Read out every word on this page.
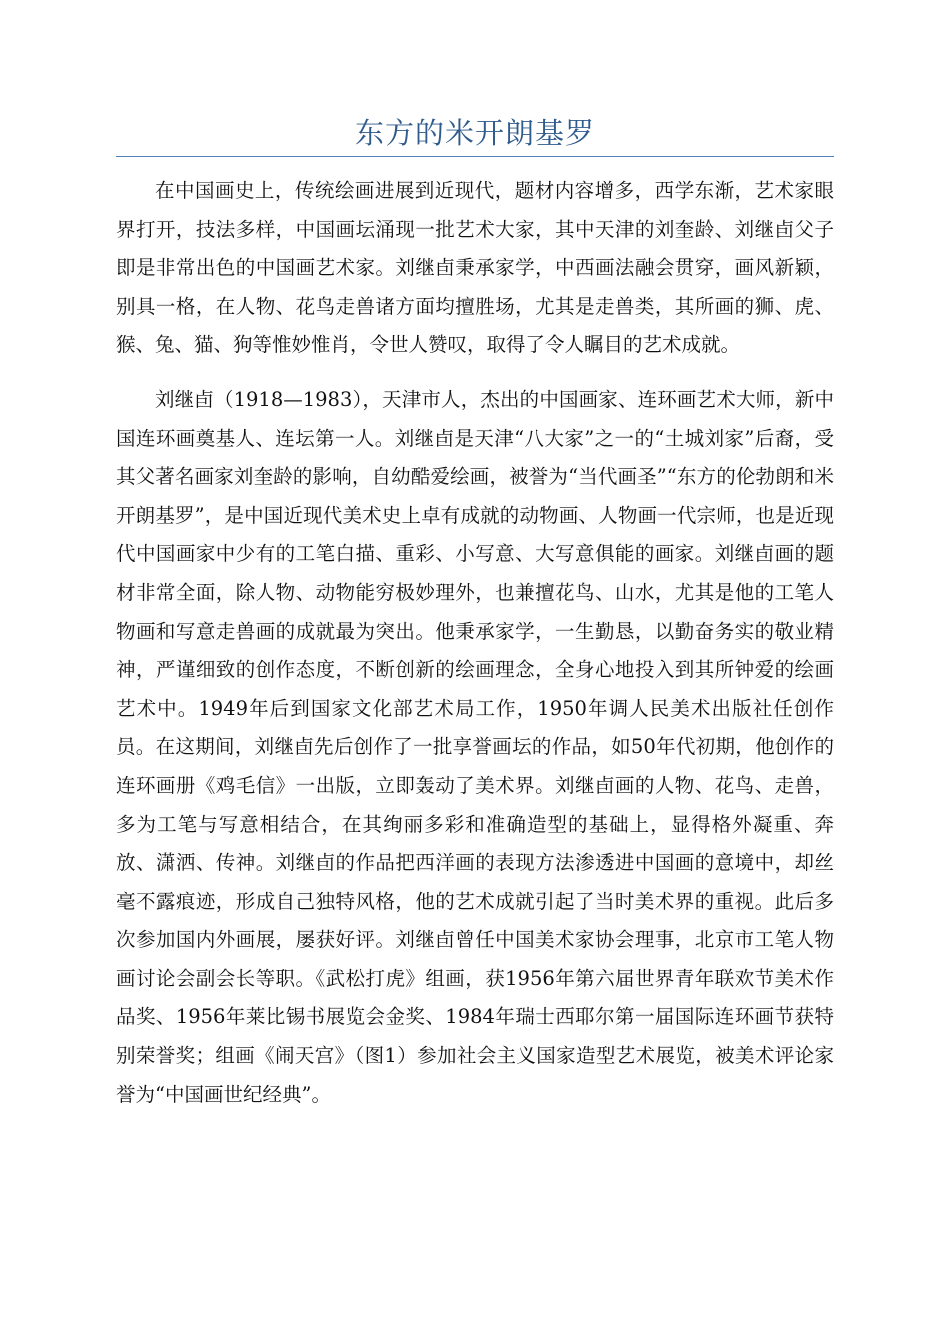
东方的米开朗基罗

在中国画史上，传统绘画进展到近现代，题材内容增多，西学东渐，艺术家眼界打开，技法多样，中国画坛涌现一批艺术大家，其中天津的刘奎龄、刘继卣父子即是非常出色的中国画艺术家。刘继卣秉承家学，中西画法融会贯穿，画风新颖，别具一格，在人物、花鸟走兽诸方面均擅胜场，尤其是走兽类，其所画的狮、虎、猴、兔、猫、狗等惟妙惟肖，令世人赞叹，取得了令人瞩目的艺术成就。

刘继卣（1918—1983），天津市人，杰出的中国画家、连环画艺术大师，新中国连环画奠基人、连坛第一人。刘继卣是天津“八大家”之一的“土城刘家”后裔，受其父著名画家刘奎龄的影响，自幼酷爱绘画，被誉为“当代画圣”“东方的伦勃朗和米开朗基罗”，是中国近现代美术史上卓有成就的动物画、人物画一代宗师，也是近现代中国画家中少有的工笔白描、重彩、小写意、大写意俱能的画家。刘继卣画的题材非常全面，除人物、动物能穷极妙理外，也兼擅花鸟、山水，尤其是他的工笔人物画和写意走兽画的成就最为突出。他秉承家学，一生勤恳，以勤奋务实的敬业精神，严谨细致的创作态度，不断创新的绘画理念，全身心地投入到其所钟爱的绘画艺术中。1949年后到国家文化部艺术局工作，1950年调人民美术出版社任创作员。在这期间，刘继卣先后创作了一批享誉画坛的作品，如50年代初期，他创作的连环画册《鸡毛信》一出版，立即轰动了美术界。刘继卣画的人物、花鸟、走兽，多为工笔与写意相结合，在其绚丽多彩和准确造型的基础上，显得格外凝重、奔放、潇洒、传神。刘继卣的作品把西洋画的表现方法渗透进中国画的意境中，却丝毫不露痕迹，形成自己独特风格，他的艺术成就引起了当时美术界的重视。此后多次参加国内外画展，屡获好评。刘继卣曾任中国美术家协会理事，北京市工笔人物画讨论会副会长等职。《武松打虎》组画，获1956年第六届世界青年联欢节美术作品奖、1956年莱比锡书展览会金奖、1984年瑞士西耶尔第一届国际连环画节获特别荣誉奖；组画《闹天宫》（图1）参加社会主义国家造型艺术展览，被美术评论家誉为“中国画世纪经典”。
